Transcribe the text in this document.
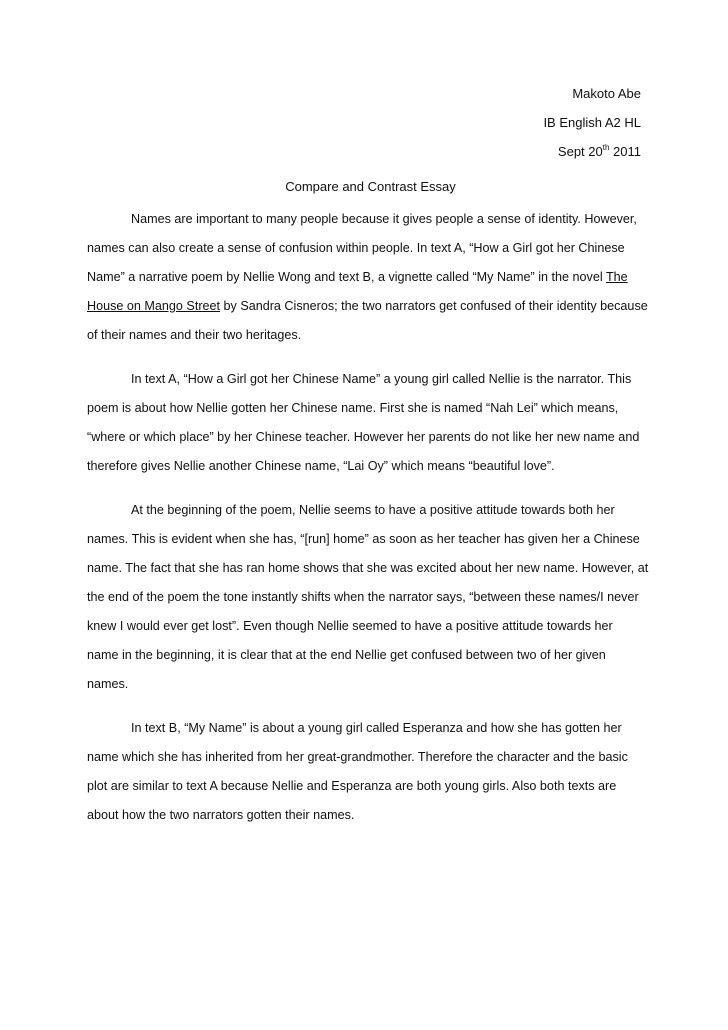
Makoto Abe
IB English A2 HL
Sept 20th 2011
Compare and Contrast Essay
Names are important to many people because it gives people a sense of identity. However,
names can also create a sense of confusion within people. In text A, “How a Girl got her Chinese
Name” a narrative poem by Nellie Wong and text B, a vignette called “My Name” in the novel The
House on Mango Street by Sandra Cisneros; the two narrators get confused of their identity because
of their names and their two heritages.
In text A, “How a Girl got her Chinese Name” a young girl called Nellie is the narrator. This
poem is about how Nellie gotten her Chinese name. First she is named “Nah Lei” which means,
“where or which place” by her Chinese teacher. However her parents do not like her new name and
therefore gives Nellie another Chinese name, “Lai Oy” which means “beautiful love”.
At the beginning of the poem, Nellie seems to have a positive attitude towards both her
names. This is evident when she has, “[run] home” as soon as her teacher has given her a Chinese
name. The fact that she has ran home shows that she was excited about her new name. However, at
the end of the poem the tone instantly shifts when the narrator says, “between these names/I never
knew I would ever get lost”. Even though Nellie seemed to have a positive attitude towards her
name in the beginning, it is clear that at the end Nellie get confused between two of her given
names.
In text B, “My Name” is about a young girl called Esperanza and how she has gotten her
name which she has inherited from her great-grandmother. Therefore the character and the basic
plot are similar to text A because Nellie and Esperanza are both young girls. Also both texts are
about how the two narrators gotten their names.
